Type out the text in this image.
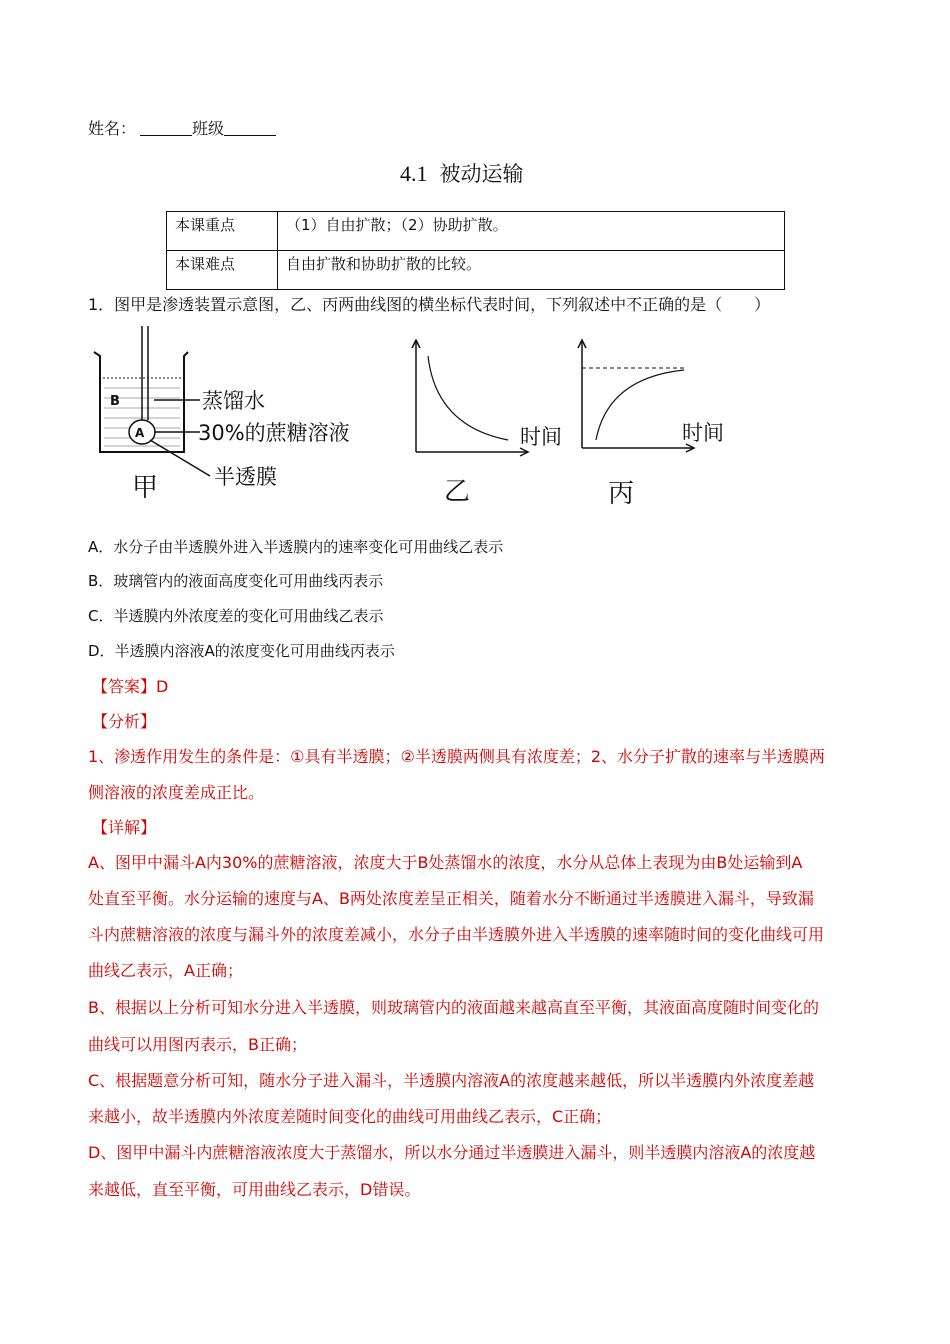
姓名：	班级
4.1 被动运输
本课重点	（1）自由扩散；（2）协助扩散。
本课难点	自由扩散和协助扩散的比较。
1．图甲是渗透装置示意图，乙、丙两曲线图的横坐标代表时间，下列叙述中不正确的是（　　）
B
A
蒸馏水
30%的蔗糖溶液
半透膜
甲
时间
乙
时间
丙
A．水分子由半透膜外进入半透膜内的速率变化可用曲线乙表示
B．玻璃管内的液面高度变化可用曲线丙表示
C．半透膜内外浓度差的变化可用曲线乙表示
D．半透膜内溶液A的浓度变化可用曲线丙表示
【答案】D
【分析】
1、渗透作用发生的条件是：①具有半透膜；②半透膜两侧具有浓度差；2、水分子扩散的速率与半透膜两
侧溶液的浓度差成正比。
【详解】
A、图甲中漏斗A内30%的蔗糖溶液，浓度大于B处蒸馏水的浓度，水分从总体上表现为由B处运输到A
处直至平衡。水分运输的速度与A、B两处浓度差呈正相关，随着水分不断通过半透膜进入漏斗，导致漏
斗内蔗糖溶液的浓度与漏斗外的浓度差减小，水分子由半透膜外进入半透膜的速率随时间的变化曲线可用
曲线乙表示，A正确；
B、根据以上分析可知水分进入半透膜，则玻璃管内的液面越来越高直至平衡，其液面高度随时间变化的
曲线可以用图丙表示，B正确；
C、根据题意分析可知，随水分子进入漏斗，半透膜内溶液A的浓度越来越低，所以半透膜内外浓度差越
来越小，故半透膜内外浓度差随时间变化的曲线可用曲线乙表示，C正确；
D、图甲中漏斗内蔗糖溶液浓度大于蒸馏水，所以水分通过半透膜进入漏斗，则半透膜内溶液A的浓度越
来越低，直至平衡，可用曲线乙表示，D错误。
